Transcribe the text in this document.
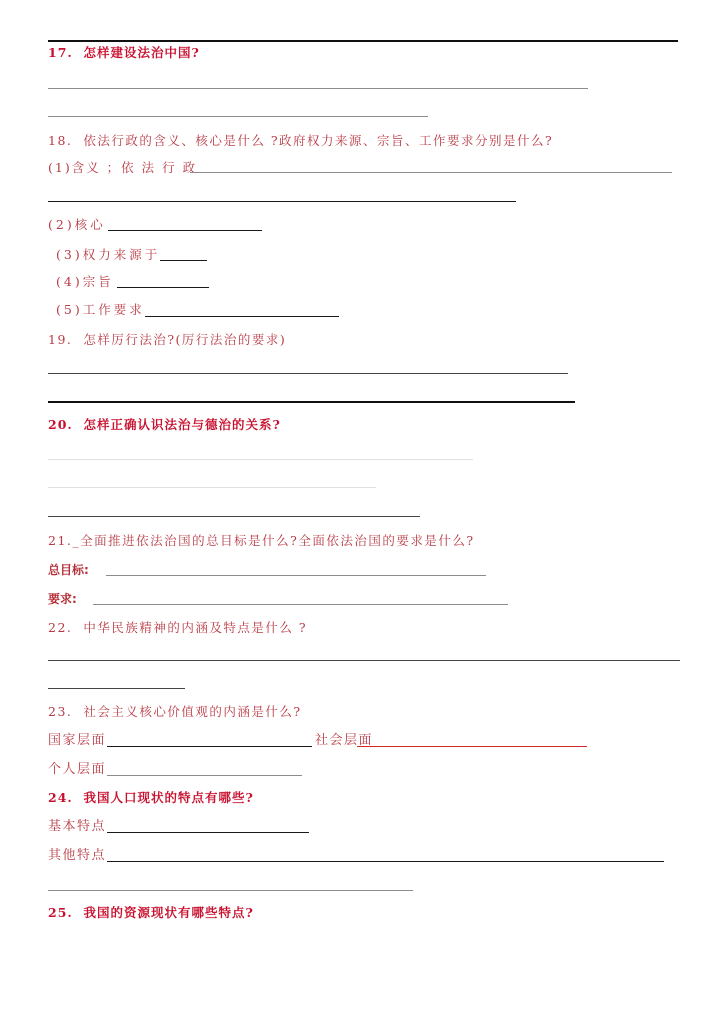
17. 怎样建设法治中国?
18. 依法行政的含义、核心是什么 ?政府权力来源、宗旨、工作要求分别是什么?
(1)含义 ；依 法 行 政
(2)核心
(3)权力来源于
(4)宗旨
(5)工作要求
19. 怎样厉行法治?(厉行法治的要求)
20. 怎样正确认识法治与德治的关系?
21._全面推进依法治国的总目标是什么?全面依法治国的要求是什么?
总目标:
要求:
22. 中华民族精神的内涵及特点是什么 ?
23. 社会主义核心价值观的内涵是什么?
国家层面	社会层面
个人层面
24. 我国人口现状的特点有哪些?
基本特点
其他特点
25. 我国的资源现状有哪些特点?
